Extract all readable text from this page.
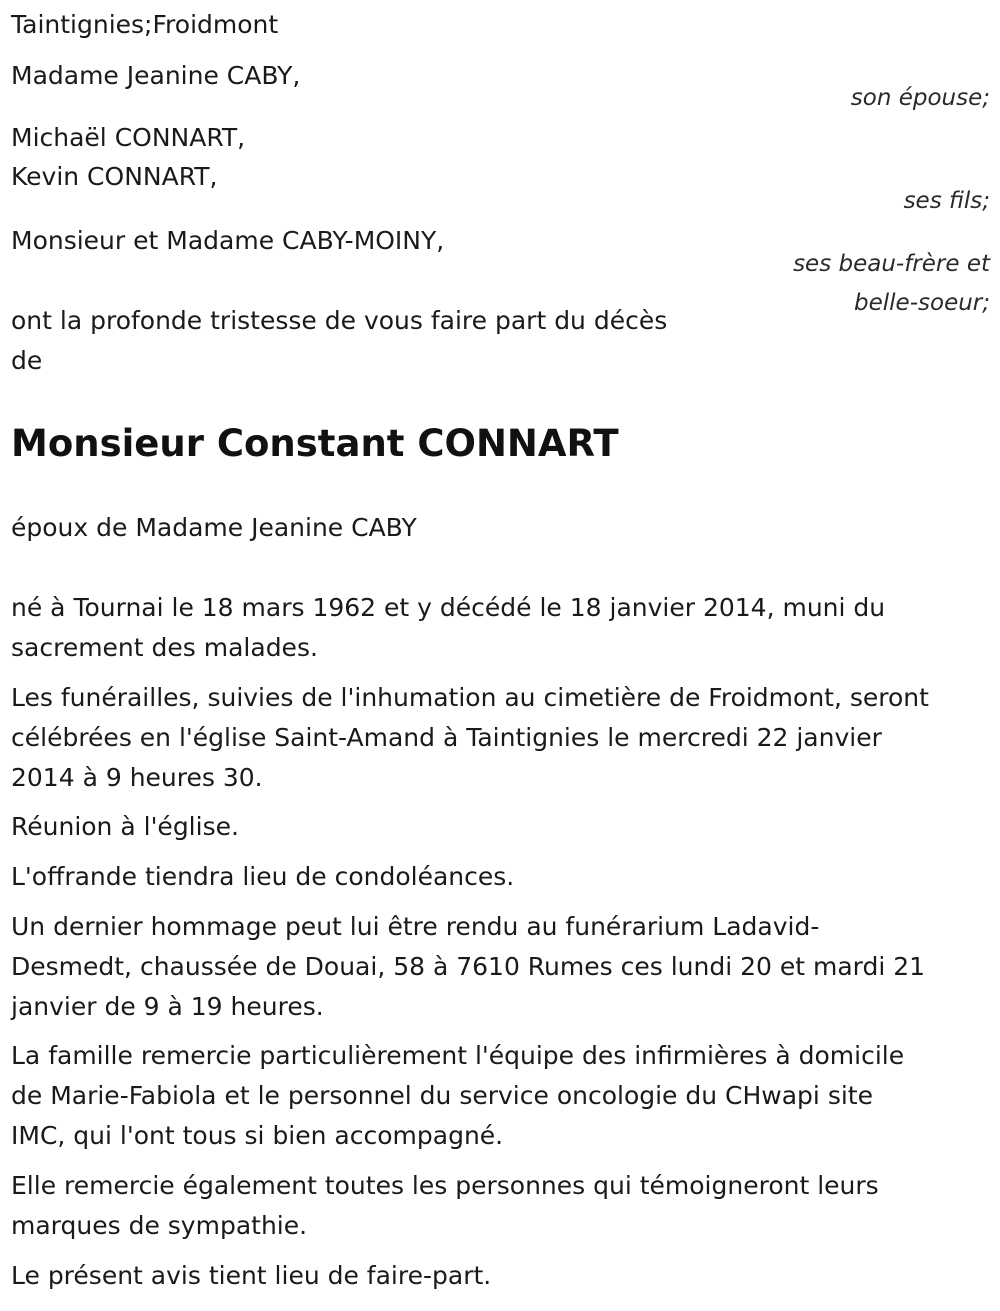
Taintignies;Froidmont
Madame Jeanine CABY,
son épouse;
Michaël CONNART,
Kevin CONNART,
ses fils;
Monsieur et Madame CABY-MOINY,
ses beau-frère et
belle-soeur;
ont la profonde tristesse de vous faire part du décès
de
Monsieur Constant CONNART
époux de Madame Jeanine CABY
né à Tournai le 18 mars 1962 et y décédé le 18 janvier 2014, muni du
sacrement des malades.
Les funérailles, suivies de l'inhumation au cimetière de Froidmont, seront
célébrées en l'église Saint-Amand à Taintignies le mercredi 22 janvier
2014 à 9 heures 30.
Réunion à l'église.
L'offrande tiendra lieu de condoléances.
Un dernier hommage peut lui être rendu au funérarium Ladavid-
Desmedt, chaussée de Douai, 58 à 7610 Rumes ces lundi 20 et mardi 21
janvier de 9 à 19 heures.
La famille remercie particulièrement l'équipe des infirmières à domicile
de Marie-Fabiola et le personnel du service oncologie du CHwapi site
IMC, qui l'ont tous si bien accompagné.
Elle remercie également toutes les personnes qui témoigneront leurs
marques de sympathie.
Le présent avis tient lieu de faire-part.
